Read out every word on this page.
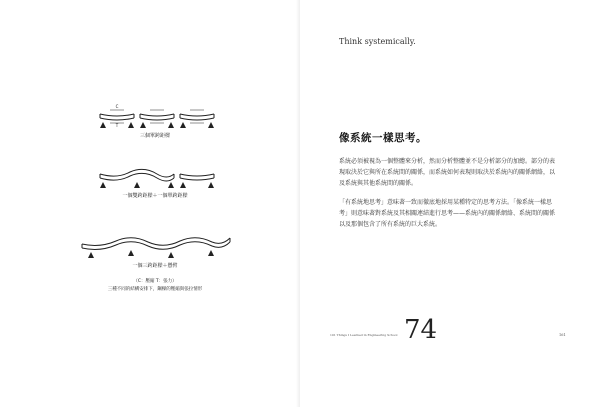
C
T
三個單跨距樑
一個雙跨距樑＋一個單跨距樑
一個三跨距樑＋懸臂
（C：壓縮 T：張力）
三種不同的結構安排下，鋼樑的壓縮與張拉情形
Think systemically.
像系統一樣思考。
系統必須被視為一個整體來分析，然而分析整體並不是分析部分的加總。部分的表現取決於它與所在系統間的關係，而系統如何表現則取決於系統內的關係網絡，以及系統與其他系統間的關係。
「有系統地思考」意味著一致而徹底地採用某種特定的思考方法。「像系統一樣思考」則意味著對系統及其相關連結進行思考——系統內的關係網絡、系統間的關係以及那個包含了所有系統的巨大系統。
101 Things I Learned in Engineering School 74	161
